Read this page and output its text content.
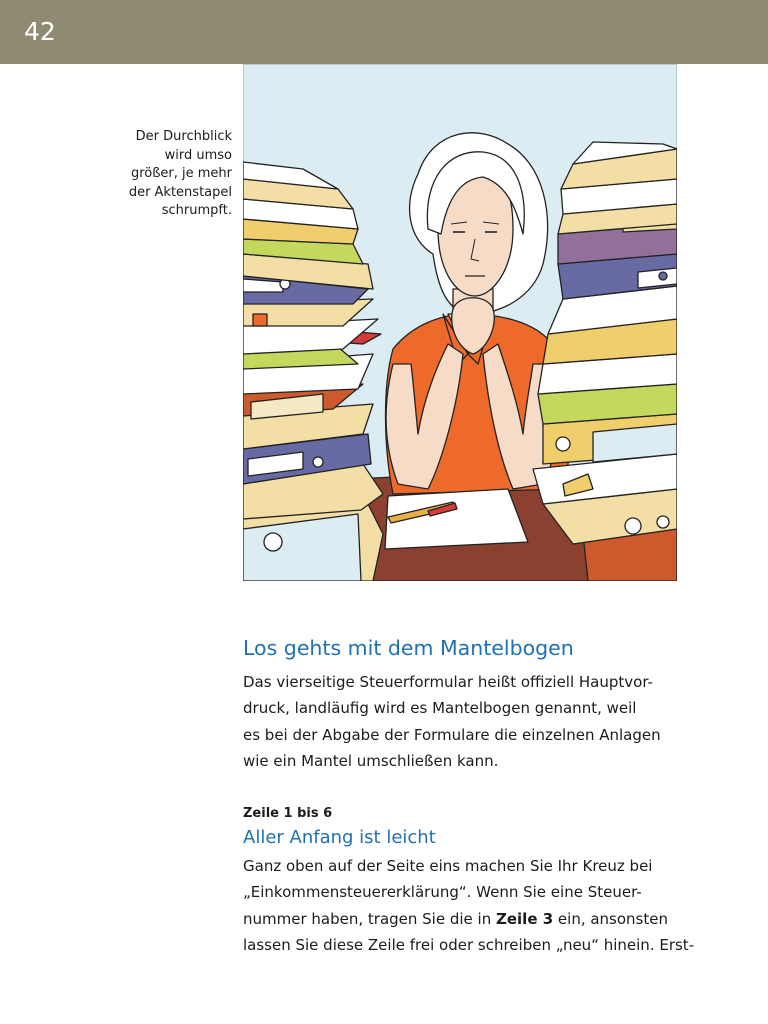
42
Der Durchblick
wird umso
größer, je mehr
der Aktenstapel
schrumpft.
Los gehts mit dem Mantelbogen

Das vierseitige Steuerformular heißt offiziell Hauptvor-
druck, landläufig wird es Mantelbogen genannt, weil
es bei der Abgabe der Formulare die einzelnen Anlagen
wie ein Mantel umschließen kann.

Zeile 1 bis 6

Aller Anfang ist leicht

Ganz oben auf der Seite eins machen Sie Ihr Kreuz bei
„Einkommensteuererklärung“. Wenn Sie eine Steuer-
nummer haben, tragen Sie die in Zeile 3 ein, ansonsten
lassen Sie diese Zeile frei oder schreiben „neu“ hinein. Erst-
